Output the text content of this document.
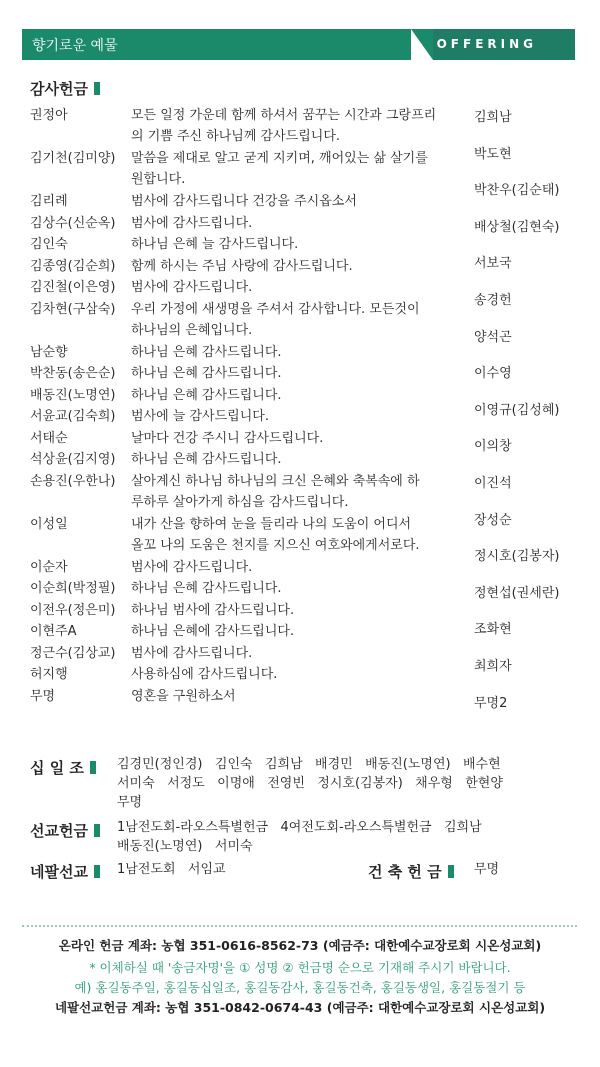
향기로운 예물	OFFERING
감사헌금
권정아	모든 일정 가운데 함께 하셔서 꿈꾸는 시간과 그랑프리
의 기쁨 주신 하나님께 감사드립니다.
김기천(김미양)	말씀을 제대로 알고 굳게 지키며, 깨어있는 삶 살기를
원합니다.
김리례	범사에 감사드립니다 건강을 주시옵소서
김상수(신순옥)	범사에 감사드립니다.
김인숙	하나님 은혜 늘 감사드립니다.
김종영(김순희)	함께 하시는 주님 사랑에 감사드립니다.
김진철(이은영)	범사에 감사드립니다.
김차현(구삼숙)	우리 가정에 새생명을 주셔서 감사합니다. 모든것이
하나님의 은혜입니다.
남순향	하나님 은혜 감사드립니다.
박찬동(송은순)	하나님 은혜 감사드립니다.
배동진(노명연)	하나님 은혜 감사드립니다.
서윤교(김숙희)	범사에 늘 감사드립니다.
서태순	날마다 건강 주시니 감사드립니다.
석상윤(김지영)	하나님 은혜 감사드립니다.
손용진(우한나)	살아계신 하나님 하나님의 크신 은혜와 축복속에 하
루하루 살아가게 하심을 감사드립니다.
이성일	내가 산을 향하여 눈을 들리라 나의 도움이 어디서
올꼬 나의 도움은 천지를 지으신 여호와에게서로다.
이순자	범사에 감사드립니다.
이순희(박정필)	하나님 은혜 감사드립니다.
이전우(정은미)	하나님 범사에 감사드립니다.
이현주A	하나님 은혜에 감사드립니다.
정근수(김상교)	범사에 감사드립니다.
허지행	사용하심에 감사드립니다.
무명	영혼을 구원하소서
김희남
박도현
박찬우(김순태)
배상철(김현숙)
서보국
송경헌
양석곤
이수영
이영규(김성혜)
이의창
이진석
장성순
정시호(김봉자)
정현섭(권세란)
조화현
최희자
무명2
십 일 조	김경민(정인경)   김인숙   김희남   배경민   배동진(노명연)   배수현
서미숙   서정도   이명애   전영빈   정시호(김봉자)   채우형   한현양
무명
선교헌금	1남전도회-라오스특별헌금   4여전도회-라오스특별헌금   김희남
배동진(노명연)   서미숙
네팔선교	1남전도회   서임교	건 축 헌 금	무명
온라인 헌금 계좌: 농협 351-0616-8562-73 (예금주: 대한예수교장로회 시온성교회)
* 이체하실 때 '송금자명'을 ① 성명 ② 헌금명 순으로 기재해 주시기 바랍니다.
예) 홍길동주일, 홍길동십일조, 홍길동감사, 홍길동건축, 홍길동생일, 홍길동절기 등
네팔선교헌금 계좌: 농협 351-0842-0674-43 (예금주: 대한예수교장로회 시온성교회)
